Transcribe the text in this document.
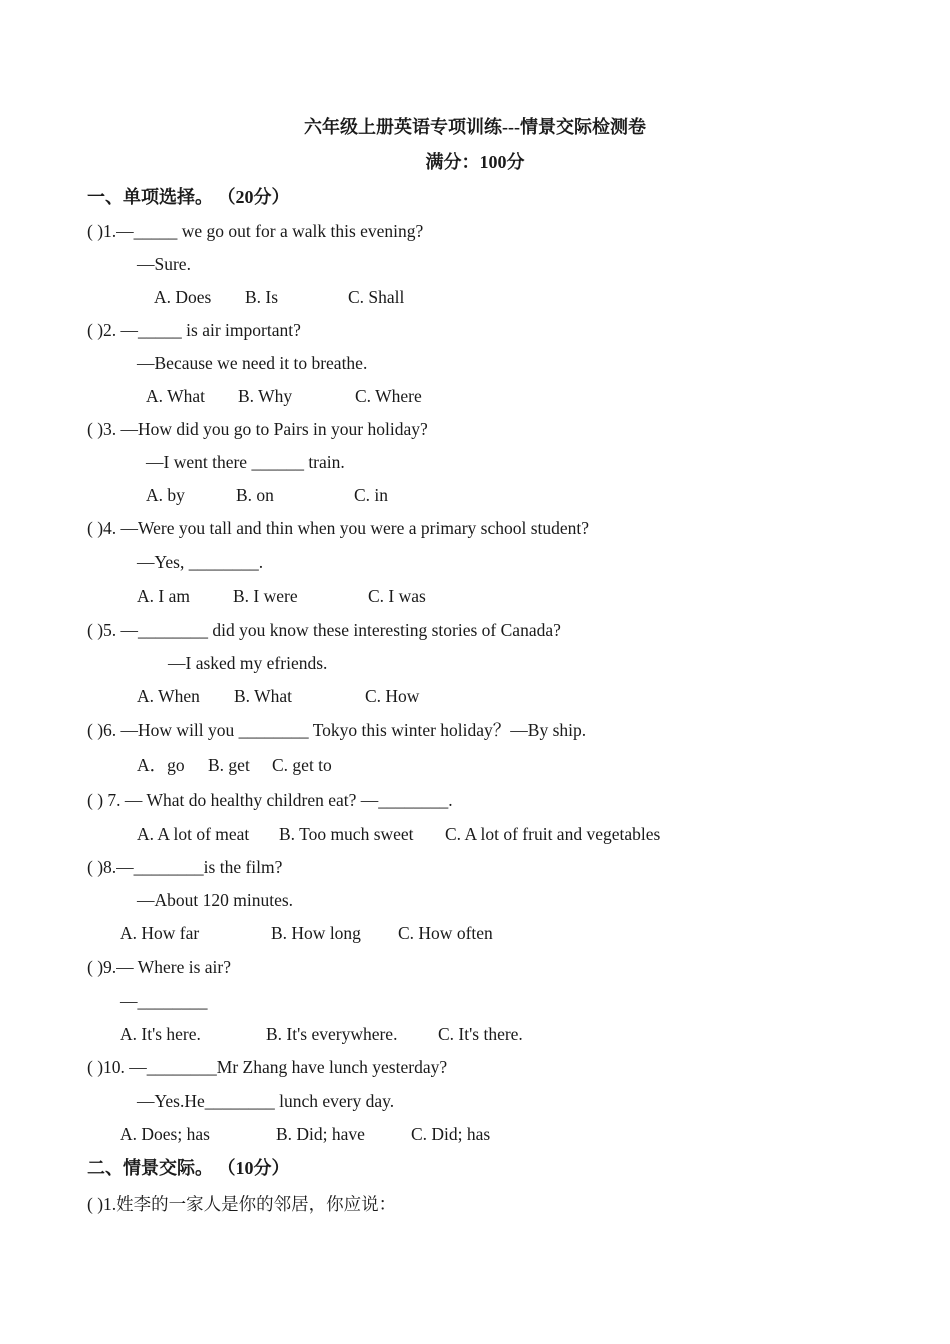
六年级上册英语专项训练---情景交际检测卷
满分：100分
一、单项选择。 （20分）
( )1.—_____ we go out for a walk this evening?
—Sure.
A. Does B. Is	C. Shall
( )2. —_____ is air important?
—Because we need it to breathe.
A. What B. Why	C. Where
( )3. —How did you go to Pairs in your holiday?
—I went there ______ train.
A. by	B. on	C. in
( )4. —Were you tall and thin when you were a primary school student?
—Yes, ________.
A. I am B. I were	C. I was
( )5. —________ did you know these interesting stories of Canada?
—I asked my efriends.
A. When B. What	C. How
( )6. —How will you ________ Tokyo this winter holiday？—By ship.
A．go B. get C. get to
( ) 7. — What do healthy children eat? —________.
A. A lot of meat B. Too much sweet C. A lot of fruit and vegetables
( )8.—________is the film?
—About 120 minutes.
A. How far	B. How long C. How often
( )9.— Where is air?
—________
A. It's here.	B. It's everywhere. C. It's there.
( )10. —________Mr Zhang have lunch yesterday?
—Yes.He________ lunch every day.
A. Does; has	B. Did; have	C. Did; has
二、情景交际。 （10分）
( )1.姓李的一家人是你的邻居，你应说：
